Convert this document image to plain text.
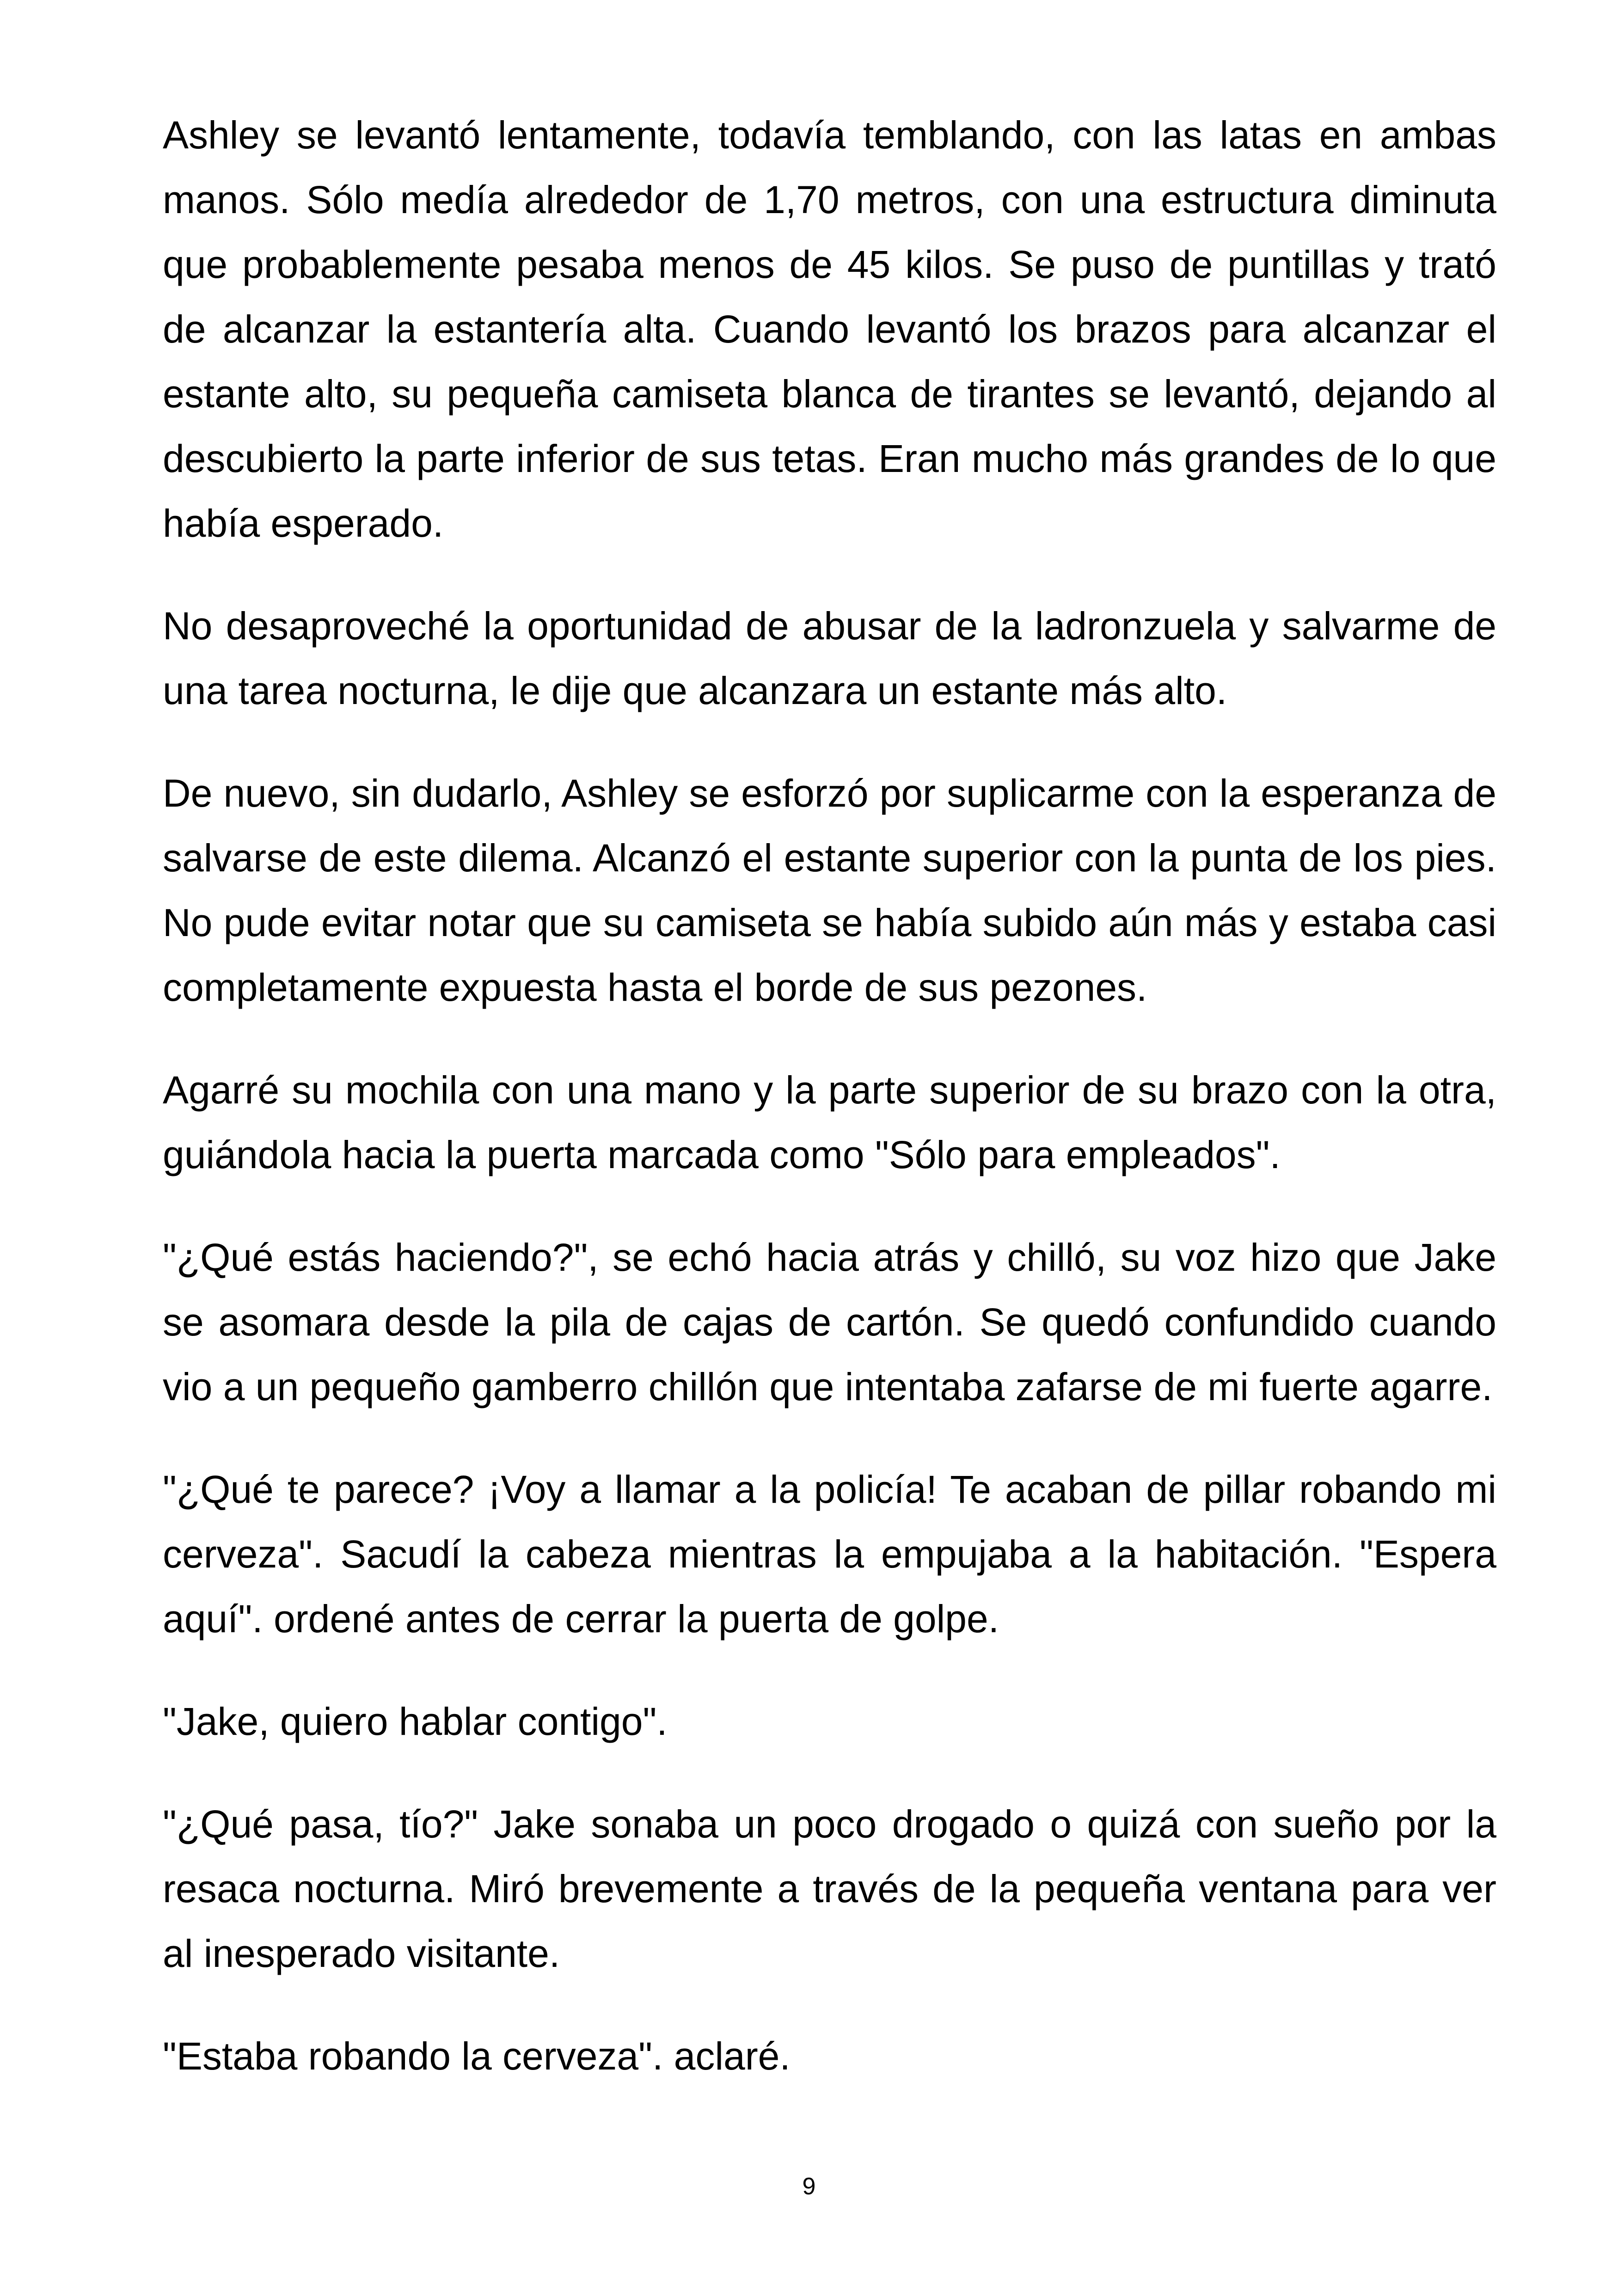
Ashley se levantó lentamente, todavía temblando, con las latas en ambas manos. Sólo medía alrededor de 1,70 metros, con una estructura diminuta que probablemente pesaba menos de 45 kilos. Se puso de puntillas y trató de alcanzar la estantería alta. Cuando levantó los brazos para alcanzar el estante alto, su pequeña camiseta blanca de tirantes se levantó, dejando al descubierto la parte inferior de sus tetas. Eran mucho más grandes de lo que había esperado.

No desaproveché la oportunidad de abusar de la ladronzuela y salvarme de una tarea nocturna, le dije que alcanzara un estante más alto.

De nuevo, sin dudarlo, Ashley se esforzó por suplicarme con la esperanza de salvarse de este dilema. Alcanzó el estante superior con la punta de los pies. No pude evitar notar que su camiseta se había subido aún más y estaba casi completamente expuesta hasta el borde de sus pezones.

Agarré su mochila con una mano y la parte superior de su brazo con la otra, guiándola hacia la puerta marcada como "Sólo para empleados".

"¿Qué estás haciendo?", se echó hacia atrás y chilló, su voz hizo que Jake se asomara desde la pila de cajas de cartón. Se quedó confundido cuando vio a un pequeño gamberro chillón que intentaba zafarse de mi fuerte agarre.

"¿Qué te parece? ¡Voy a llamar a la policía! Te acaban de pillar robando mi cerveza". Sacudí la cabeza mientras la empujaba a la habitación. "Espera aquí". ordené antes de cerrar la puerta de golpe.

"Jake, quiero hablar contigo".

"¿Qué pasa, tío?" Jake sonaba un poco drogado o quizá con sueño por la resaca nocturna. Miró brevemente a través de la pequeña ventana para ver al inesperado visitante.

"Estaba robando la cerveza". aclaré.

9
